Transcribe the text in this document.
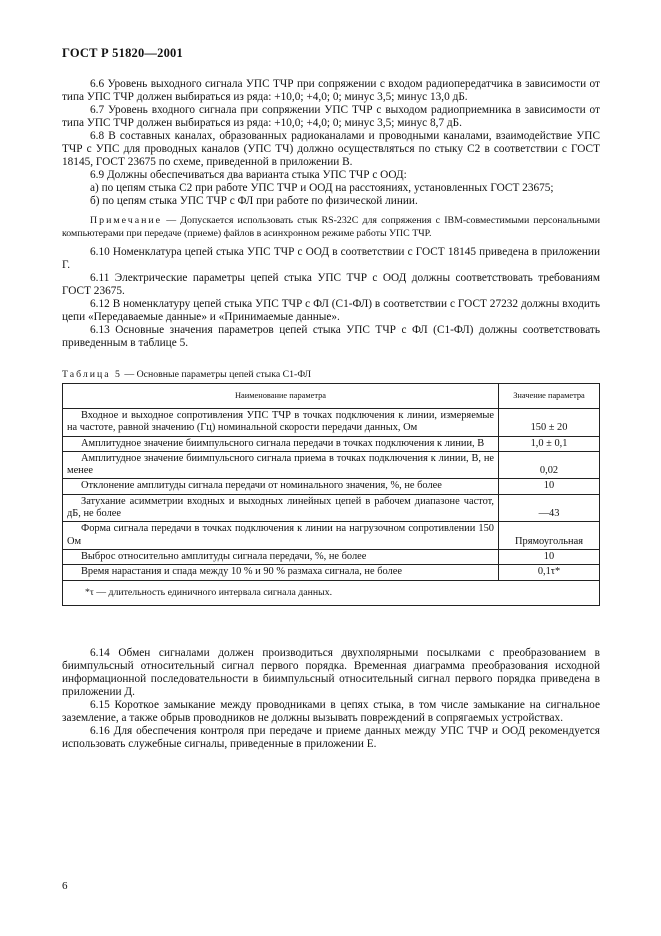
ГОСТ Р 51820—2001

6.6 Уровень выходного сигнала УПС ТЧР при сопряжении с входом радиопередатчика в зависимости от типа УПС ТЧР должен выбираться из ряда: +10,0; +4,0; 0; минус 3,5; минус 13,0 дБ.

6.7 Уровень входного сигнала при сопряжении УПС ТЧР с выходом радиоприемника в зависимости от типа УПС ТЧР должен выбираться из ряда: +10,0; +4,0; 0; минус 3,5; минус 8,7 дБ.

6.8 В составных каналах, образованных радиоканалами и проводными каналами, взаимодействие УПС ТЧР с УПС для проводных каналов (УПС ТЧ) должно осуществляться по стыку С2 в соответствии с ГОСТ 18145, ГОСТ 23675 по схеме, приведенной в приложении В.

6.9 Должны обеспечиваться два варианта стыка УПС ТЧР с ООД:

а) по цепям стыка С2 при работе УПС ТЧР и ООД на расстояниях, установленных ГОСТ 23675;

б) по цепям стыка УПС ТЧР с ФЛ при работе по физической линии.

Примечание — Допускается использовать стык RS-232C для сопряжения с IBM-совместимыми персональными компьютерами при передаче (приеме) файлов в асинхронном режиме работы УПС ТЧР.

6.10 Номенклатура цепей стыка УПС ТЧР с ООД в соответствии с ГОСТ 18145 приведена в приложении Г.

6.11 Электрические параметры цепей стыка УПС ТЧР с ООД должны соответствовать требованиям ГОСТ 23675.

6.12 В номенклатуру цепей стыка УПС ТЧР с ФЛ (С1-ФЛ) в соответствии с ГОСТ 27232 должны входить цепи «Передаваемые данные» и «Принимаемые данные».

6.13 Основные значения параметров цепей стыка УПС ТЧР с ФЛ (С1-ФЛ) должны соответствовать приведенным в таблице 5.

Таблица 5 — Основные параметры цепей стыка С1-ФЛ
Наименование параметра	Значение параметра
Входное и выходное сопротивления УПС ТЧР в точках подключения к линии, измеряемые на частоте, равной значению (Гц) номинальной скорости передачи данных, Ом	150 ± 20
Амплитудное значение биимпульсного сигнала передачи в точках подключения к линии, В	1,0 ± 0,1
Амплитудное значение биимпульсного сигнала приема в точках подключения к линии, В, не менее	0,02
Отклонение амплитуды сигнала передачи от номинального значения, %, не более	10
Затухание асимметрии входных и выходных линейных цепей в рабочем диапазоне частот, дБ, не более	—43
Форма сигнала передачи в точках подключения к линии на нагрузочном сопротивлении 150 Ом	Прямоугольная
Выброс относительно амплитуды сигнала передачи, %, не более	10
Время нарастания и спада между 10 % и 90 % размаха сигнала, не более	0,1τ*
*τ — длительность единичного интервала сигнала данных.	

6.14 Обмен сигналами должен производиться двухполярными посылками с преобразованием в биимпульсный относительный сигнал первого порядка. Временная диаграмма преобразования исходной информационной последовательности в биимпульсный относительный сигнал первого порядка приведена в приложении Д.

6.15 Короткое замыкание между проводниками в цепях стыка, в том числе замыкание на сигнальное заземление, а также обрыв проводников не должны вызывать повреждений в сопрягаемых устройствах.

6.16 Для обеспечения контроля при передаче и приеме данных между УПС ТЧР и ООД рекомендуется использовать служебные сигналы, приведенные в приложении Е.

6
